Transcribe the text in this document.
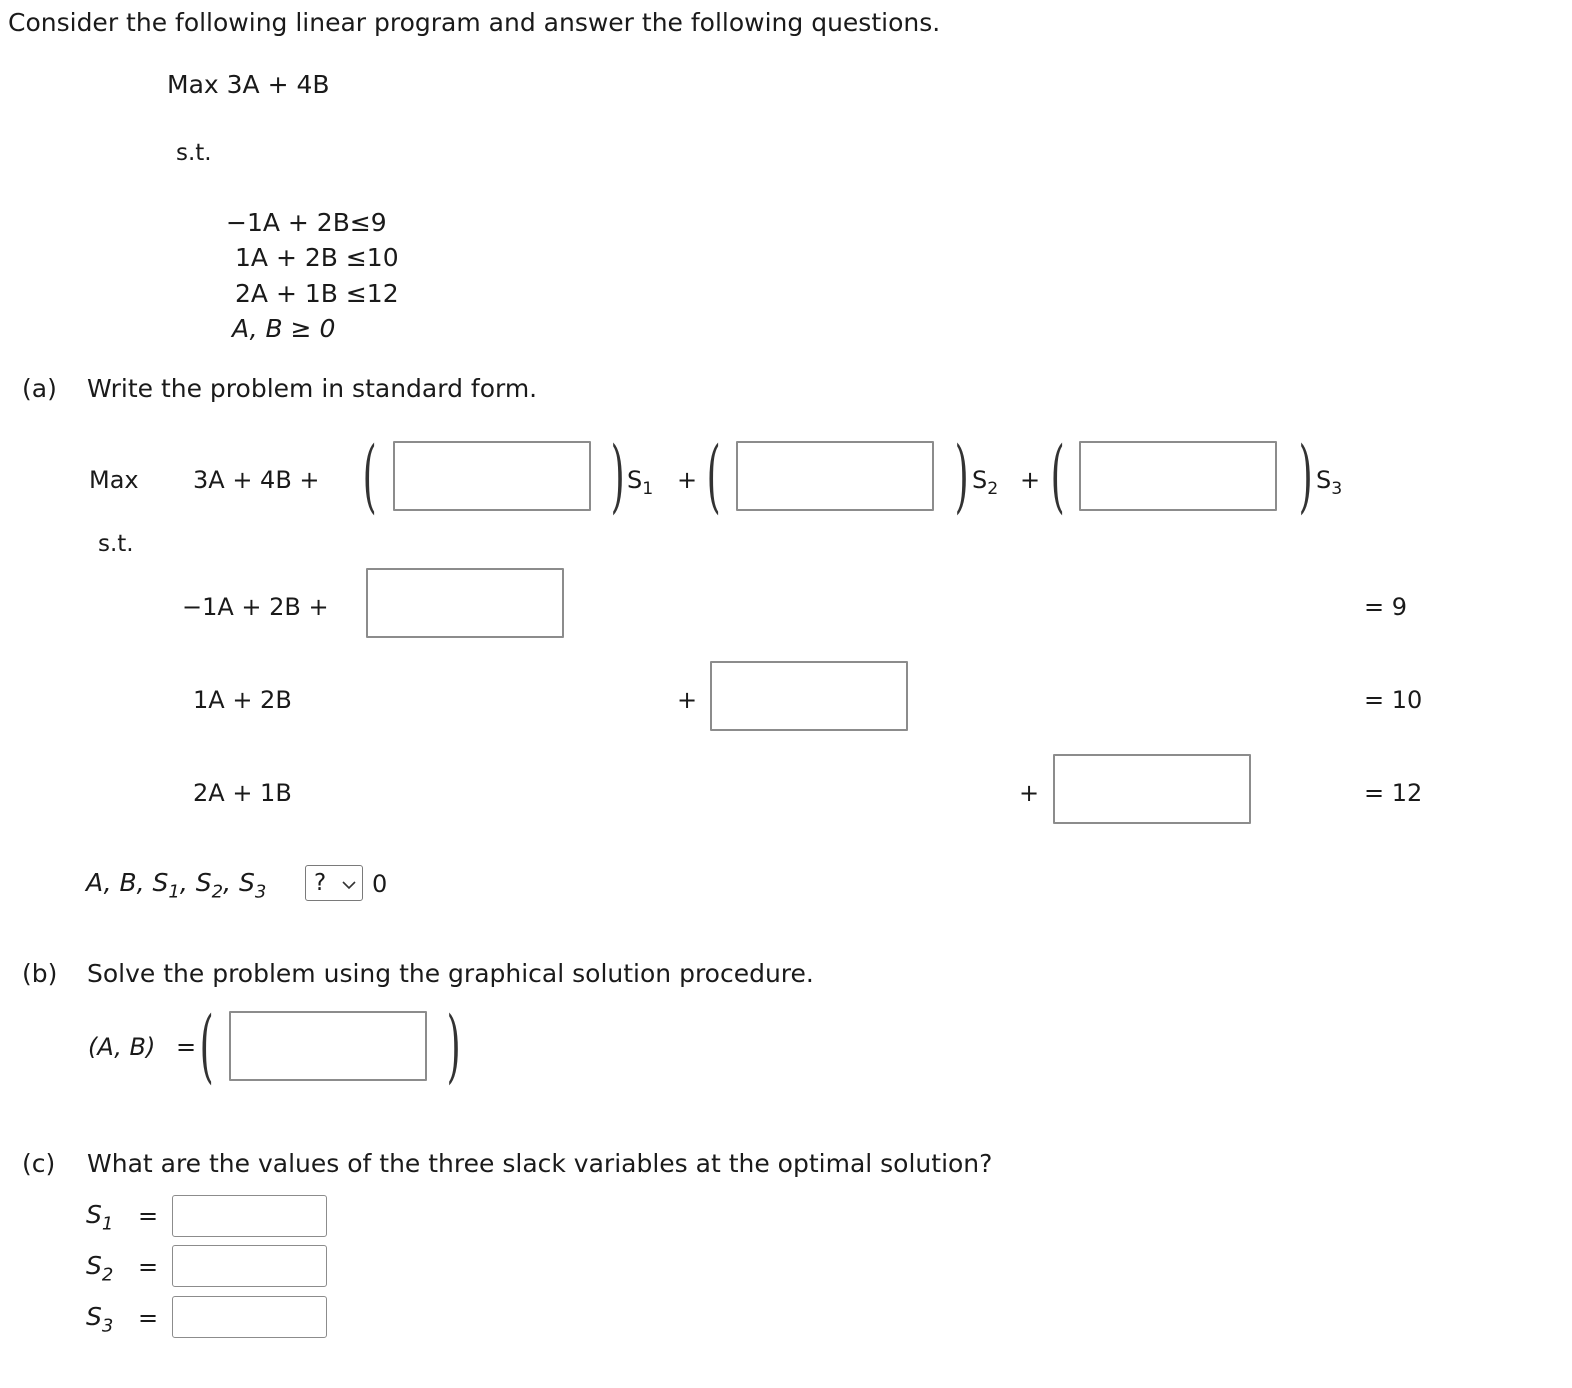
Consider the following linear program and answer the following questions.
Max 3A + 4B
s.t.
−1A + 2B≤9
1A + 2B ≤10
2A + 1B ≤12
A, B ≥ 0
(a) Write the problem in standard form.
Max 3A + 4B + (	) $S_1$ + (	) $S_2$ + (	) $S_3$
s.t.
−1A + 2B +	= 9
1A + 2B	+	= 10
2A + 1B	+	= 12
A, B, $S_1$, $S_2$, $S_3$ ? 0
(b) Solve the problem using the graphical solution procedure.
(A, B) = (	)
(c) What are the values of the three slack variables at the optimal solution?
$S_1$ =
$S_2$ =
$S_3$ =
